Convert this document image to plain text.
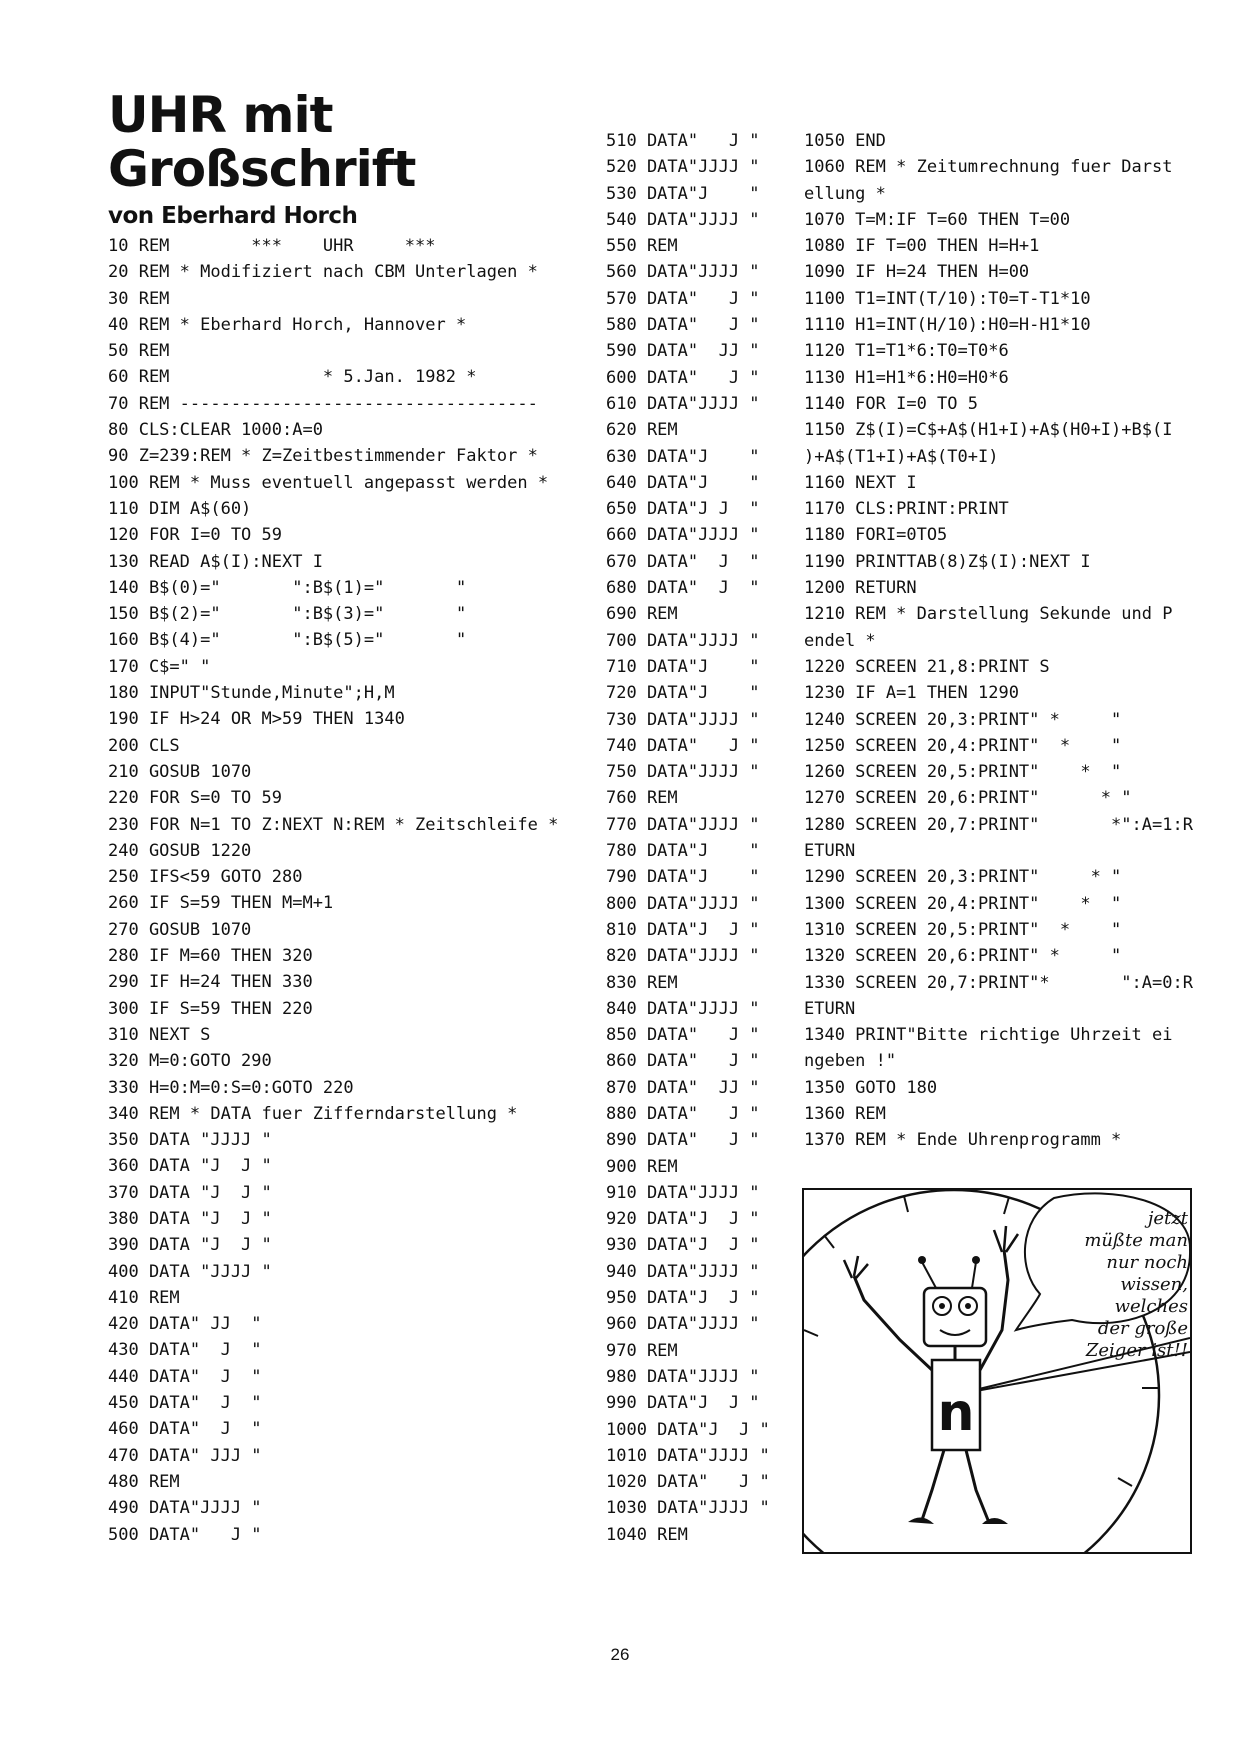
UHR mit
Großschrift
von Eberhard Horch
10 REM        ***    UHR     ***
20 REM * Modifiziert nach CBM Unterlagen *
30 REM
40 REM * Eberhard Horch, Hannover *
50 REM
60 REM               * 5.Jan. 1982 *
70 REM -----------------------------------
80 CLS:CLEAR 1000:A=0
90 Z=239:REM * Z=Zeitbestimmender Faktor *
100 REM * Muss eventuell angepasst werden *
110 DIM A$(60)
120 FOR I=0 TO 59
130 READ A$(I):NEXT I
140 B$(0)="       ":B$(1)="       "
150 B$(2)="       ":B$(3)="       "
160 B$(4)="       ":B$(5)="       "
170 C$=" "
180 INPUT"Stunde,Minute";H,M
190 IF H>24 OR M>59 THEN 1340
200 CLS
210 GOSUB 1070
220 FOR S=0 TO 59
230 FOR N=1 TO Z:NEXT N:REM * Zeitschleife *
240 GOSUB 1220
250 IFS<59 GOTO 280
260 IF S=59 THEN M=M+1
270 GOSUB 1070
280 IF M=60 THEN 320
290 IF H=24 THEN 330
300 IF S=59 THEN 220
310 NEXT S
320 M=0:GOTO 290
330 H=0:M=0:S=0:GOTO 220
340 REM * DATA fuer Zifferndarstellung *
350 DATA "JJJJ "
360 DATA "J  J "
370 DATA "J  J "
380 DATA "J  J "
390 DATA "J  J "
400 DATA "JJJJ "
410 REM
420 DATA" JJ  "
430 DATA"  J  "
440 DATA"  J  "
450 DATA"  J  "
460 DATA"  J  "
470 DATA" JJJ "
480 REM
490 DATA"JJJJ "
500 DATA"   J "
510 DATA"   J "
520 DATA"JJJJ "
530 DATA"J    "
540 DATA"JJJJ "
550 REM
560 DATA"JJJJ "
570 DATA"   J "
580 DATA"   J "
590 DATA"  JJ "
600 DATA"   J "
610 DATA"JJJJ "
620 REM
630 DATA"J    "
640 DATA"J    "
650 DATA"J J  "
660 DATA"JJJJ "
670 DATA"  J  "
680 DATA"  J  "
690 REM
700 DATA"JJJJ "
710 DATA"J    "
720 DATA"J    "
730 DATA"JJJJ "
740 DATA"   J "
750 DATA"JJJJ "
760 REM
770 DATA"JJJJ "
780 DATA"J    "
790 DATA"J    "
800 DATA"JJJJ "
810 DATA"J  J "
820 DATA"JJJJ "
830 REM
840 DATA"JJJJ "
850 DATA"   J "
860 DATA"   J "
870 DATA"  JJ "
880 DATA"   J "
890 DATA"   J "
900 REM
910 DATA"JJJJ "
920 DATA"J  J "
930 DATA"J  J "
940 DATA"JJJJ "
950 DATA"J  J "
960 DATA"JJJJ "
970 REM
980 DATA"JJJJ "
990 DATA"J  J "
1000 DATA"J  J "
1010 DATA"JJJJ "
1020 DATA"   J "
1030 DATA"JJJJ "
1040 REM
1050 END
1060 REM * Zeitumrechnung fuer Darst
ellung *
1070 T=M:IF T=60 THEN T=00
1080 IF T=00 THEN H=H+1
1090 IF H=24 THEN H=00
1100 T1=INT(T/10):T0=T-T1*10
1110 H1=INT(H/10):H0=H-H1*10
1120 T1=T1*6:T0=T0*6
1130 H1=H1*6:H0=H0*6
1140 FOR I=0 TO 5
1150 Z$(I)=C$+A$(H1+I)+A$(H0+I)+B$(I
)+A$(T1+I)+A$(T0+I)
1160 NEXT I
1170 CLS:PRINT:PRINT
1180 FORI=0TO5
1190 PRINTTAB(8)Z$(I):NEXT I
1200 RETURN
1210 REM * Darstellung Sekunde und P
endel *
1220 SCREEN 21,8:PRINT S
1230 IF A=1 THEN 1290
1240 SCREEN 20,3:PRINT" *     "
1250 SCREEN 20,4:PRINT"  *    "
1260 SCREEN 20,5:PRINT"    *  "
1270 SCREEN 20,6:PRINT"      * "
1280 SCREEN 20,7:PRINT"       *":A=1:R
ETURN
1290 SCREEN 20,3:PRINT"     * "
1300 SCREEN 20,4:PRINT"    *  "
1310 SCREEN 20,5:PRINT"  *    "
1320 SCREEN 20,6:PRINT" *     "
1330 SCREEN 20,7:PRINT"*       ":A=0:R
ETURN
1340 PRINT"Bitte richtige Uhrzeit ei
ngeben !"
1350 GOTO 180
1360 REM
1370 REM * Ende Uhrenprogramm *
n
jetzt
müßte man
nur noch
wissen, welches
der große
Zeiger ist!!
26
